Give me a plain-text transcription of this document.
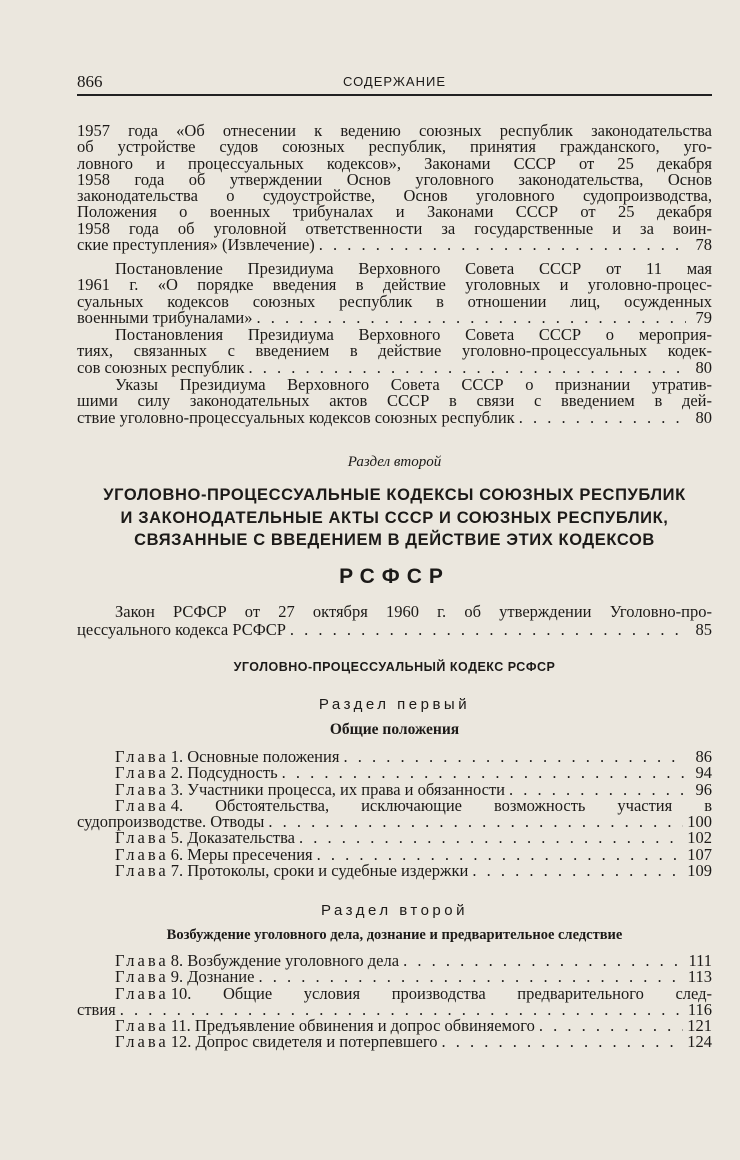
866	СОДЕРЖАНИЕ
1957 года «Об отнесении к ведению союзных республик законодательства
об устройстве судов союзных республик, принятия гражданского, уго-
ловного и процессуальных кодексов», Законами СССР от 25 декабря
1958 года об утверждении Основ уголовного законодательства, Основ
законодательства о судоустройстве, Основ уголовного судопроизводства,
Положения о военных трибуналах и Законами СССР от 25 декабря
1958 года об уголовной ответственности за государственные и за воин-
ские преступления» (Извлечение) . . .	78
Постановление Президиума Верховного Совета СССР от 11 мая
1961 г. «О порядке введения в действие уголовных и уголовно-процес-
суальных кодексов союзных республик в отношении лиц, осужденных
военными трибуналами» . . .	79
Постановления Президиума Верховного Совета СССР о мероприя-
тиях, связанных с введением в действие уголовно-процессуальных кодек-
сов союзных республик . . .	80
Указы Президиума Верховного Совета СССР о признании утратив-
шими силу законодательных актов СССР в связи с введением в дей-
ствие уголовно-процессуальных кодексов союзных республик . . .	80
Раздел второй
УГОЛОВНО-ПРОЦЕССУАЛЬНЫЕ КОДЕКСЫ СОЮЗНЫХ РЕСПУБЛИК
И ЗАКОНОДАТЕЛЬНЫЕ АКТЫ СССР И СОЮЗНЫХ РЕСПУБЛИК,
СВЯЗАННЫЕ С ВВЕДЕНИЕМ В ДЕЙСТВИЕ ЭТИХ КОДЕКСОВ
РСФСР
Закон РСФСР от 27 октября 1960 г. об утверждении Уголовно-про-
цессуального кодекса РСФСР . . .	85
УГОЛОВНО-ПРОЦЕССУАЛЬНЫЙ КОДЕКС РСФСР
Раздел первый
Общие положения
Глава 1. Основные положения . . .	86
Глава 2. Подсудность . . .	94
Глава 3. Участники процесса, их права и обязанности . . .	96
Глава 4. Обстоятельства, исключающие возможность участия в
судопроизводстве. Отводы . . .	100
Глава 5. Доказательства . . .	102
Глава 6. Меры пресечения . . .	107
Глава 7. Протоколы, сроки и судебные издержки . . .	109
Раздел второй
Возбуждение уголовного дела, дознание и предварительное следствие
Глава 8. Возбуждение уголовного дела . . .	111
Глава 9. Дознание . . .	113
Глава 10. Общие условия производства предварительного след-
ствия . . .	116
Глава 11. Предъявление обвинения и допрос обвиняемого . . .	121
Глава 12. Допрос свидетеля и потерпевшего . . .	124
